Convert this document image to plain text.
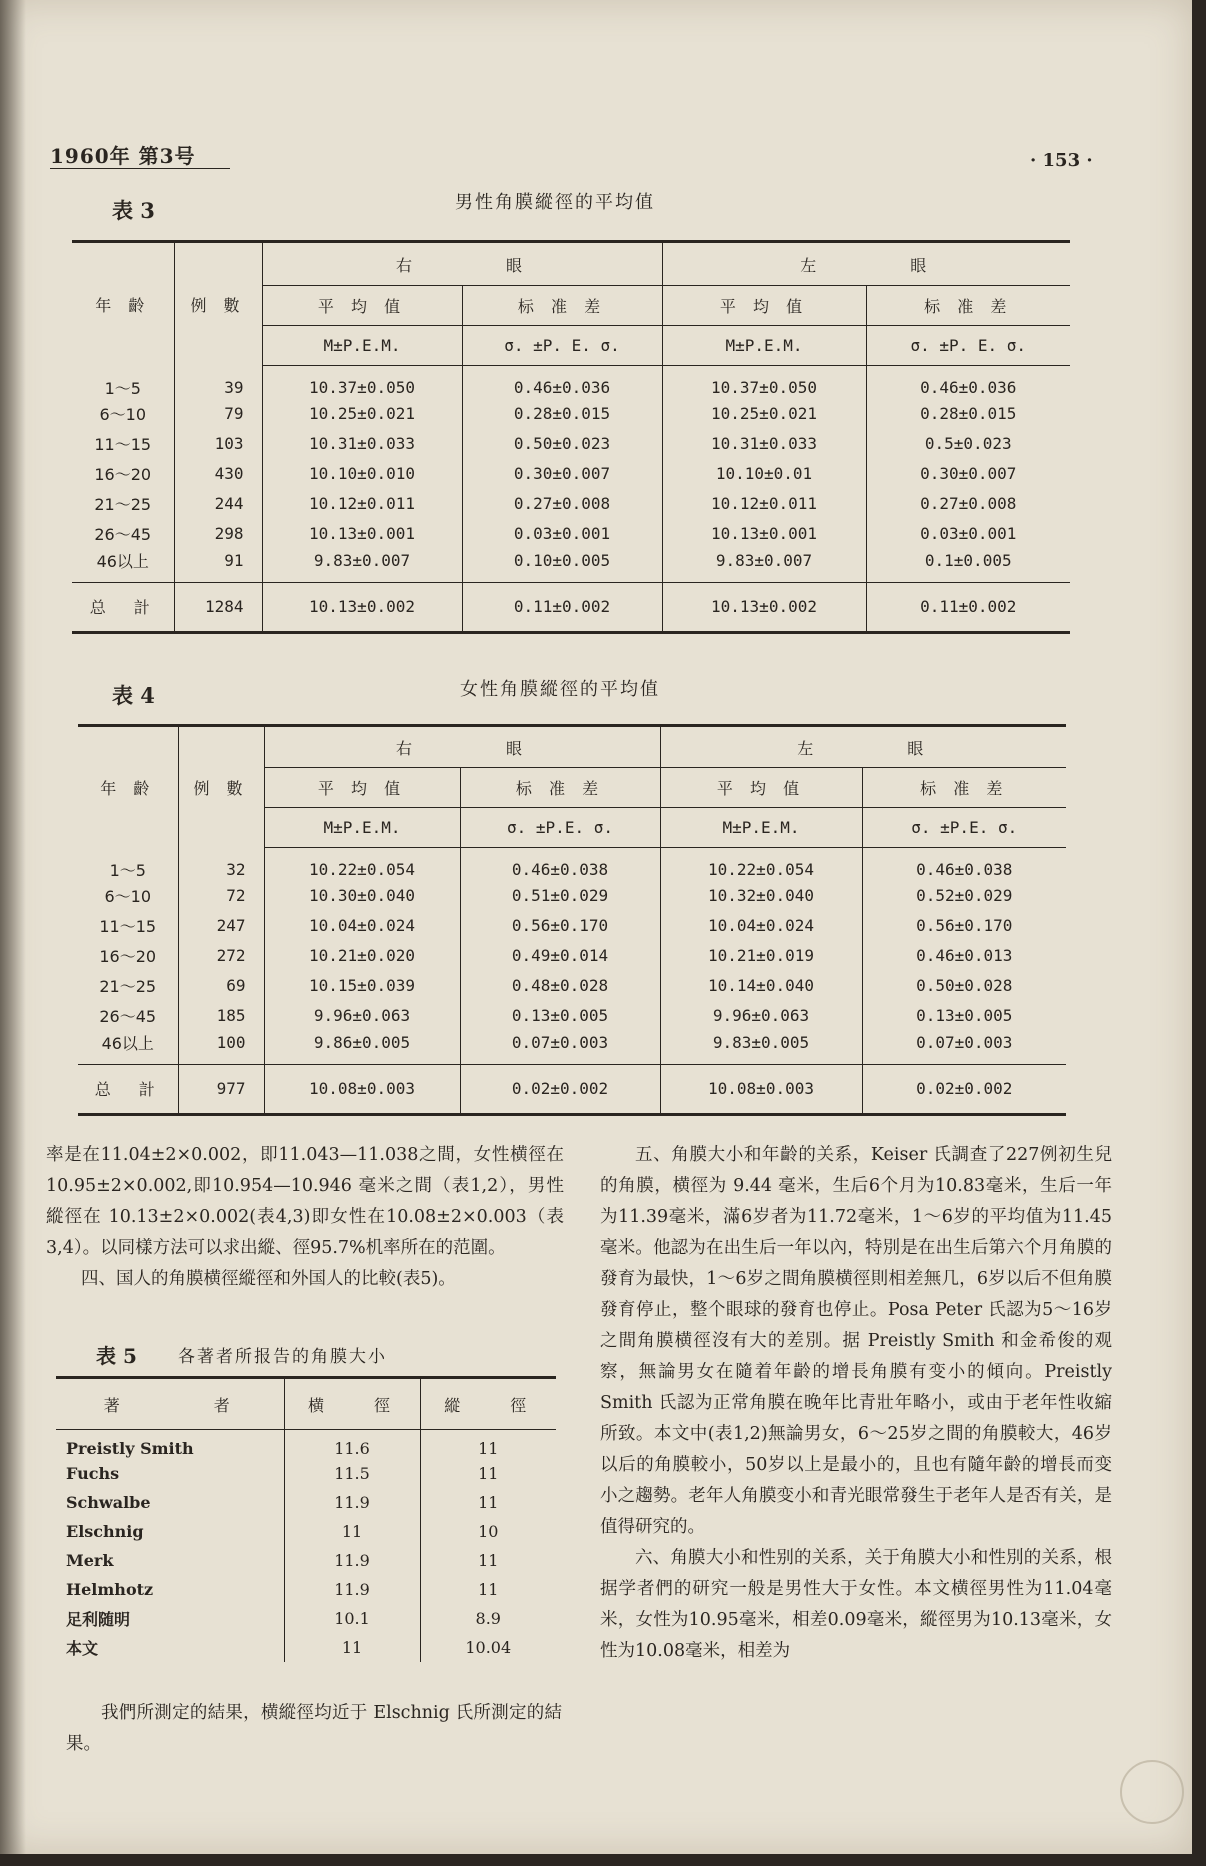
1960年 第3号	· 153 ·
表 3	男性角膜縱徑的平均值
年 齡	例 數	右　　　　眼		左　　　　眼	
		平 均 值	标 准 差	平 均 值	标 准 差
		M±P.E.M.	σ. ±P. E. σ.	M±P.E.M.	σ. ±P. E. σ.
1～5	39	10.37±0.050	0.46±0.036	10.37±0.050	0.46±0.036
6～10	79	10.25±0.021	0.28±0.015	10.25±0.021	0.28±0.015
11～15	103	10.31±0.033	0.50±0.023	10.31±0.033	0.5±0.023
16～20	430	10.10±0.010	0.30±0.007	10.10±0.01	0.30±0.007
21～25	244	10.12±0.011	0.27±0.008	10.12±0.011	0.27±0.008
26～45	298	10.13±0.001	0.03±0.001	10.13±0.001	0.03±0.001
46以上	91	9.83±0.007	0.10±0.005	9.83±0.007	0.1±0.005
总　計	1284	10.13±0.002	0.11±0.002	10.13±0.002	0.11±0.002
表 4	女性角膜縱徑的平均值
年 齡	例 數	右　　　　眼		左　　　　眼	
		平 均 值	标 准 差	平 均 值	标 准 差
		M±P.E.M.	σ. ±P.E. σ.	M±P.E.M.	σ. ±P.E. σ.
1～5	32	10.22±0.054	0.46±0.038	10.22±0.054	0.46±0.038
6～10	72	10.30±0.040	0.51±0.029	10.32±0.040	0.52±0.029
11～15	247	10.04±0.024	0.56±0.170	10.04±0.024	0.56±0.170
16～20	272	10.21±0.020	0.49±0.014	10.21±0.019	0.46±0.013
21～25	69	10.15±0.039	0.48±0.028	10.14±0.040	0.50±0.028
26～45	185	9.96±0.063	0.13±0.005	9.96±0.063	0.13±0.005
46以上	100	9.86±0.005	0.07±0.003	9.83±0.005	0.07±0.003
总　計	977	10.08±0.003	0.02±0.002	10.08±0.003	0.02±0.002

率是在11.04±2×0.002，即11.043—11.038之間，女性横徑在10.95±2×0.002,即10.954—10.946 毫米之間（表1,2），男性縱徑在 10.13±2×0.002(表4,3)即女性在10.08±2×0.003（表3,4）。以同樣方法可以求出縱、徑95.7%机率所在的范圍。

四、国人的角膜横徑縱徑和外国人的比較(表5)。

表 5 各著者所报告的角膜大小
著　　　　者	横　　徑	縱　　徑
Preistly Smith	11.6	11
Fuchs	11.5	11
Schwalbe	11.9	11
Elschnig	11	10
Merk	11.9	11
Helmhotz	11.9	11
足利随明	10.1	8.9
本文	11	10.04

我們所測定的結果，横縱徑均近于 Elschnig 氏所測定的結果。

五、角膜大小和年齡的关系，Keiser 氏調查了227例初生兒的角膜，横徑为 9.44 毫米，生后6个月为10.83毫米，生后一年为11.39毫米，滿6岁者为11.72毫米，1～6岁的平均值为11.45毫米。他認为在出生后一年以內，特別是在出生后第六个月角膜的發育为最快，1～6岁之間角膜横徑則相差無几，6岁以后不但角膜發育停止，整个眼球的發育也停止。Posa Peter 氏認为5～16岁之間角膜横徑沒有大的差別。据 Preistly Smith 和金希俊的观察，無論男女在隨着年齡的增長角膜有变小的傾向。Preistly Smith 氏認为正常角膜在晚年比青壯年略小，或由于老年性收縮所致。本文中(表1,2)無論男女，6～25岁之間的角膜較大，46岁以后的角膜較小，50岁以上是最小的，且也有隨年齡的增長而变小之趨勢。老年人角膜变小和青光眼常發生于老年人是否有关，是值得研究的。

六、角膜大小和性别的关系，关于角膜大小和性別的关系，根据学者們的研究一般是男性大于女性。本文横徑男性为11.04毫米，女性为10.95毫米，相差0.09毫米，縱徑男为10.13毫米，女性为10.08毫米，相差为
